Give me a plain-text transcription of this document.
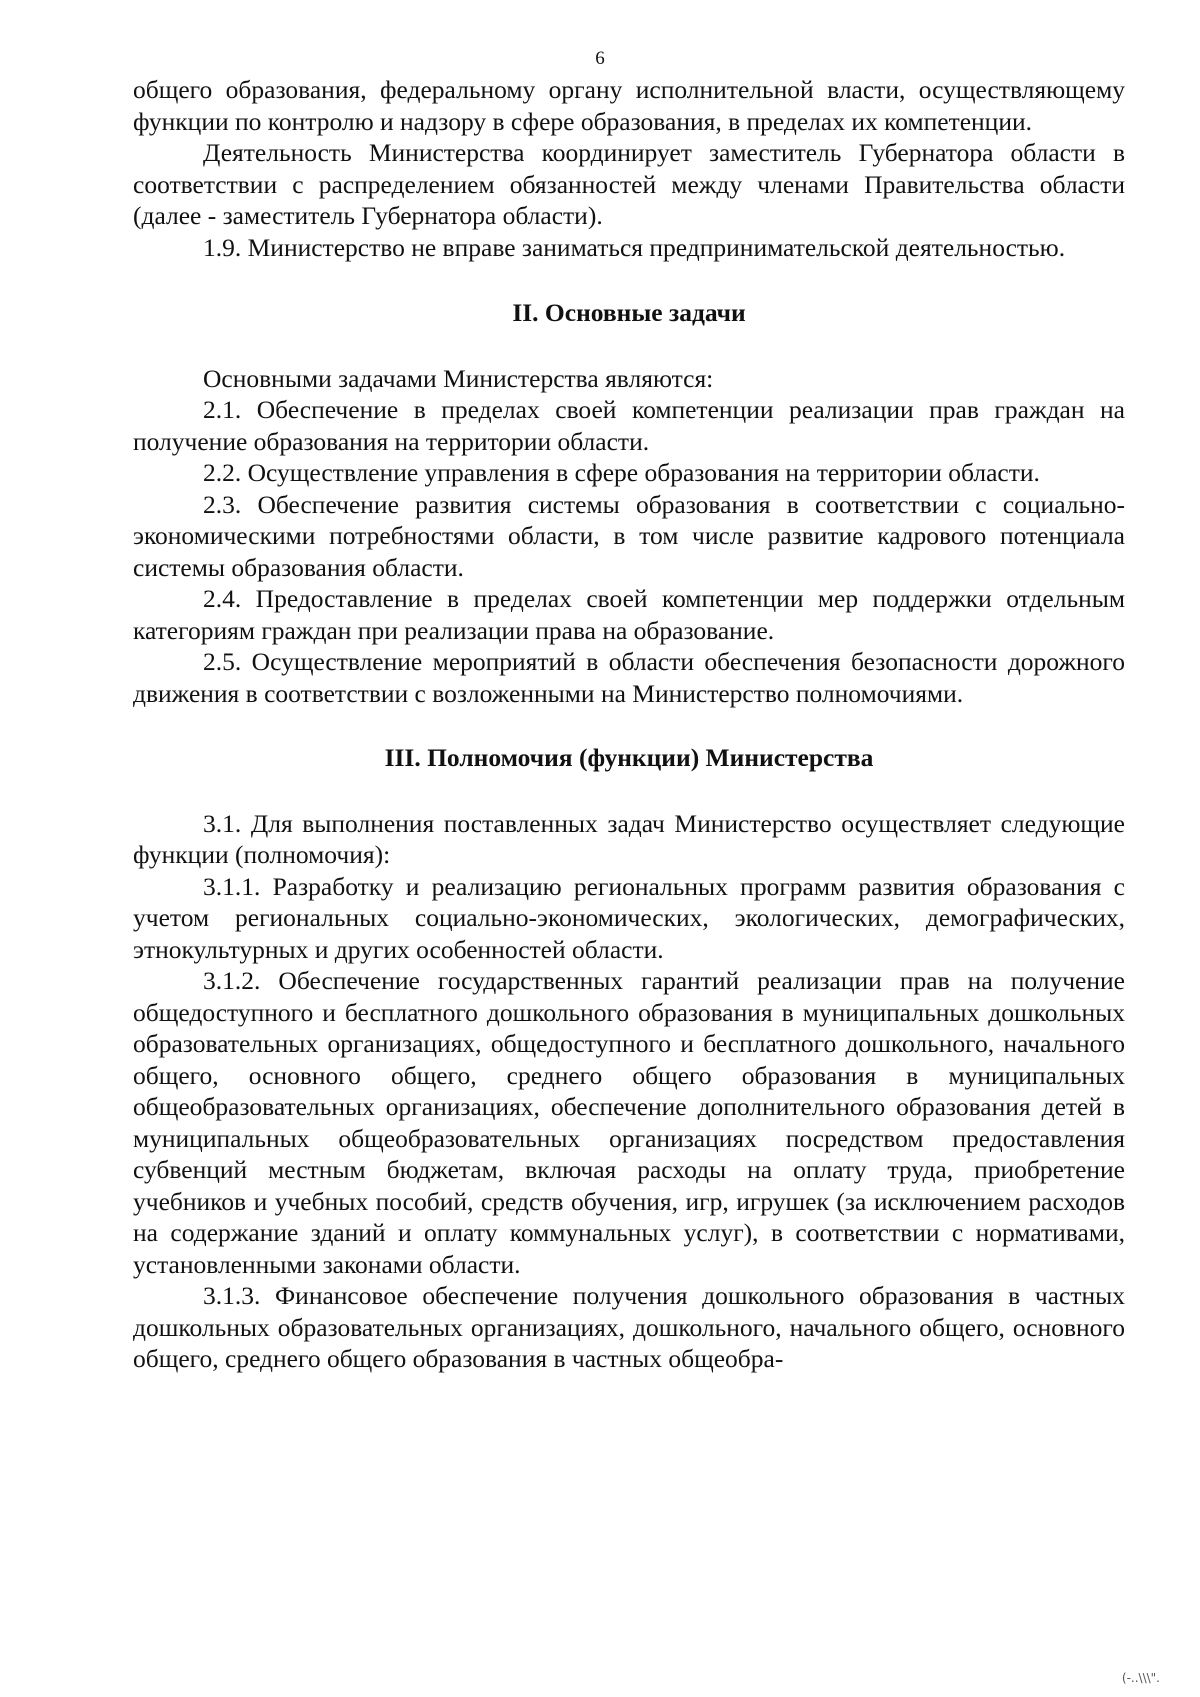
6

общего образования, федеральному органу исполнительной власти, осуществляющему функции по контролю и надзору в сфере образования, в пределах их компетенции.

Деятельность Министерства координирует заместитель Губернатора области в соответствии с распределением обязанностей между членами Правительства области (далее - заместитель Губернатора области).

1.9. Министерство не вправе заниматься предпринимательской деятельностью.

II. Основные задачи

Основными задачами Министерства являются:

2.1. Обеспечение в пределах своей компетенции реализации прав граждан на получение образования на территории области.

2.2. Осуществление управления в сфере образования на территории области.

2.3. Обеспечение развития системы образования в соответствии с социально-экономическими потребностями области, в том числе развитие кадрового потенциала системы образования области.

2.4. Предоставление в пределах своей компетенции мер поддержки отдельным категориям граждан при реализации права на образование.

2.5. Осуществление мероприятий в области обеспечения безопасности дорожного движения в соответствии с возложенными на Министерство полномочиями.

III. Полномочия (функции) Министерства

3.1. Для выполнения поставленных задач Министерство осуществляет следующие функции (полномочия):

3.1.1. Разработку и реализацию региональных программ развития образования с учетом региональных социально-экономических, экологических, демографических, этнокультурных и других особенностей области.

3.1.2. Обеспечение государственных гарантий реализации прав на получение общедоступного и бесплатного дошкольного образования в муниципальных дошкольных образовательных организациях, общедоступного и бесплатного дошкольного, начального общего, основного общего, среднего общего образования в муниципальных общеобразовательных организациях, обеспечение дополнительного образования детей в муниципальных общеобразовательных организациях посредством предоставления субвенций местным бюджетам, включая расходы на оплату труда, приобретение учебников и учебных пособий, средств обучения, игр, игрушек (за исключением расходов на содержание зданий и оплату коммунальных услуг), в соответствии с нормативами, установленными законами области.

3.1.3. Финансовое обеспечение получения дошкольного образования в частных дошкольных образовательных организациях, дошкольного, начального общего, основного общего, среднего общего образования в частных общеобра-

(-..\\\".
